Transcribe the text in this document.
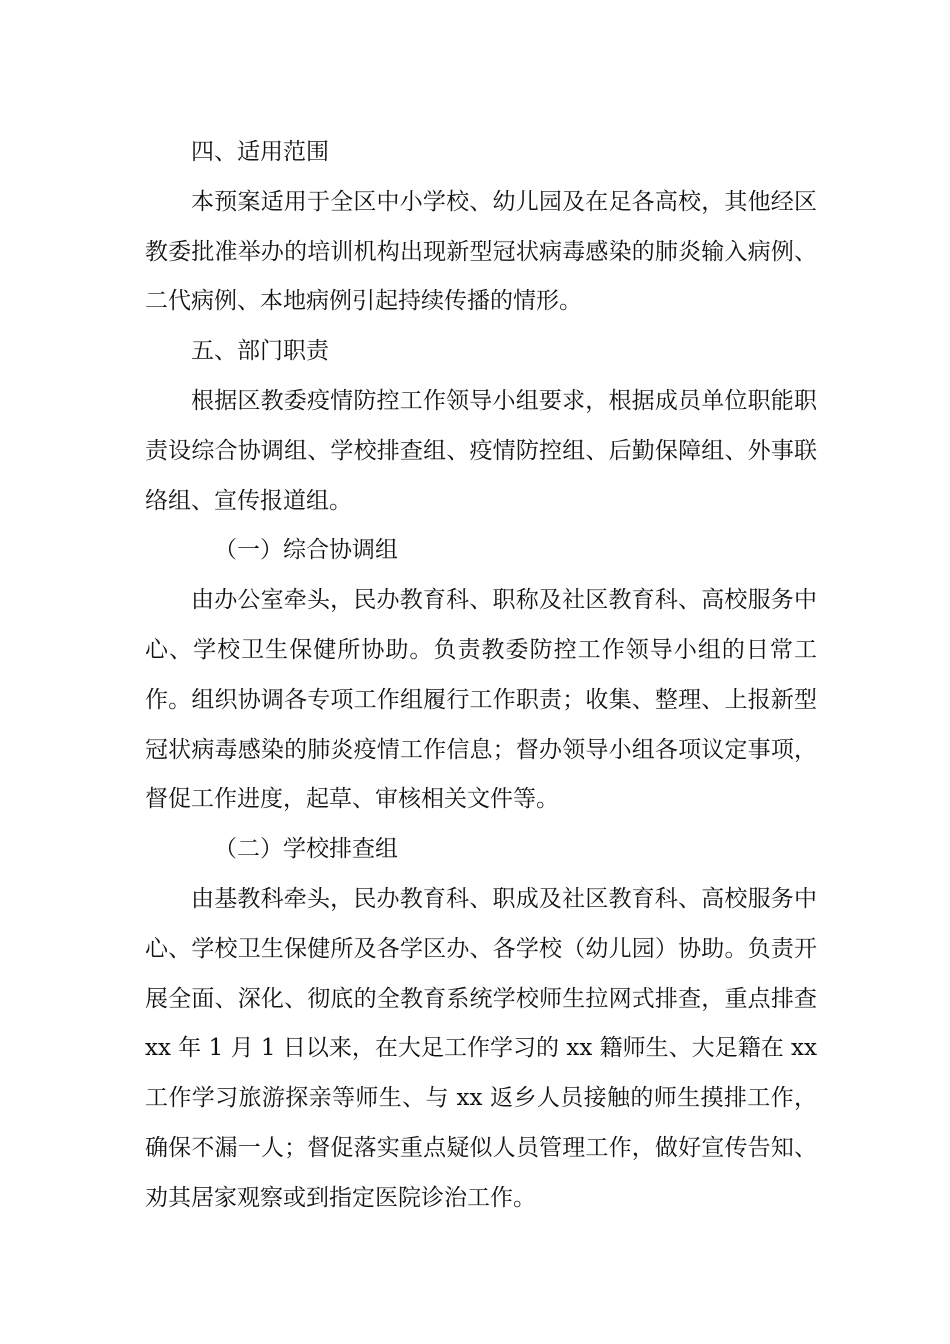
四、适用范围

本预案适用于全区中小学校、幼儿园及在足各高校，其他经区教委批准举办的培训机构出现新型冠状病毒感染的肺炎输入病例、二代病例、本地病例引起持续传播的情形。

五、部门职责

根据区教委疫情防控工作领导小组要求，根据成员单位职能职责设综合协调组、学校排查组、疫情防控组、后勤保障组、外事联络组、宣传报道组。

（一）综合协调组

由办公室牵头，民办教育科、职称及社区教育科、高校服务中心、学校卫生保健所协助。负责教委防控工作领导小组的日常工作。组织协调各专项工作组履行工作职责；收集、整理、上报新型冠状病毒感染的肺炎疫情工作信息；督办领导小组各项议定事项，督促工作进度，起草、审核相关文件等。

（二）学校排查组

由基教科牵头，民办教育科、职成及社区教育科、高校服务中心、学校卫生保健所及各学区办、各学校（幼儿园）协助。负责开展全面、深化、彻底的全教育系统学校师生拉网式排查，重点排查 xx 年 1 月 1 日以来，在大足工作学习的 xx 籍师生、大足籍在 xx 工作学习旅游探亲等师生、与 xx 返乡人员接触的师生摸排工作，确保不漏一人；督促落实重点疑似人员管理工作，做好宣传告知、劝其居家观察或到指定医院诊治工作。
